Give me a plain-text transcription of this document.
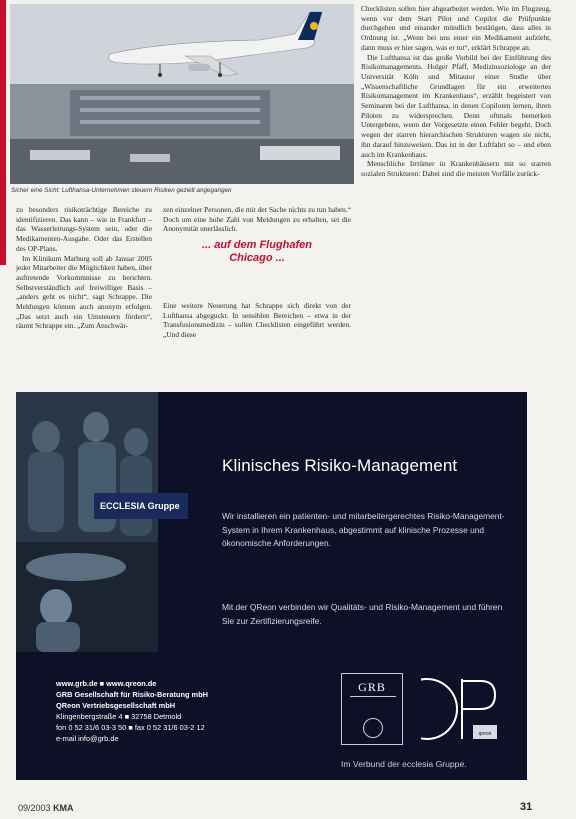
Sicher eine Sicht: Lufthansa-Unternehmen steuern Risiken gezielt angegangen

zu besonders risikoträchtige Bereiche zu identifizieren. Das kann – wie in Frankfurt – das Wasserleitungs-System sein, oder die Medikamenten-Ausgabe. Oder das Erstellen des OP-Plans.

Im Klinikum Marburg soll ab Januar 2005 jeder Mitarbeiter die Möglichkeit haben, über auftretende Vorkommnisse zu berichten. Selbstverständlich auf freiwilliger Basis – „anders geht es nicht“, sagt Schrappe. Die Meldungen können auch anonym erfolgen. „Das setzt auch ein Umsteuern fördern“, räumt Schrappe ein. „Zum Anschwär-

zen einzelner Personen, die mit der Sache nichts zu tun haben.“ Doch um eine hohe Zahl von Meldungen zu erhalten, sei die Anonymität unerlässlich.

... auf dem Flughafen
Chicago ...

Eine weitere Neuerung hat Schrappe sich direkt von der Lufthansa abgeguckt. In sensiblen Bereichen – etwa in der Transfusionsmedizin – sollen Checklisten eingeführt werden. „Und diese

Checklisten sollen hier abgearbeitet werden. Wie im Flugzeug, wenn vor dem Start Pilot und Copilot die Prüfpunkte durchgehen und einander mündlich bestätigen, dass alles in Ordnung ist. „Wenn bei uns einer ein Medikament aufzieht, dann muss er hier sagen, was er tut“, erklärt Schrappe an.

Die Lufthansa ist das große Vorbild bei der Einführung des Risikomanagements. Holger Pfaff, Medizinsoziologe an der Universität Köln und Mitautor einer Studie über „Wissenschaftliche Grundlagen für ein erweitertes Risikomanagement im Krankenhaus“, erzählt begeistert von Seminaren bei der Lufthansa, in denen Copiloten lernen, ihren Piloten zu widersprechen. Denn oftmals bemerken Untergebene, wenn der Vorgesetzte einen Fehler begeht. Doch wegen der starren hierarchischen Strukturen wagen sie nicht, ihn darauf hinzuweisen. Das ist in der Luftfahrt so – und eben auch im Krankenhaus.

Menschliche Irrtümer in Krankenhäusern mit so starren sozialen Strukturen: Dabei sind die meisten Vorfälle zurück-

ECCLESIA Gruppe
Klinisches Risiko-Management
Wir installieren ein patienten- und mitarbeitergerechtes Risiko-Management-System in Ihrem Krankenhaus, abgestimmt auf klinische Prozesse und ökonomische Anforderungen.
Mit der QReon verbinden wir Qualitäts- und Risiko-Management und führen Sie zur Zertifizierungsreife.
www.grb.de ■ www.qreon.de
GRB Gesellschaft für Risiko-Beratung mbH
QReon Vertriebsgesellschaft mbH
Klingenbergstraße 4 ■ 32758 Detmold
fon 0 52 31/6 03-3 50 ■ fax 0 52 31/6 03-2 12
e-mail info@grb.de
GRB
qreon
Im Verbund der ecclesia Gruppe.
09/2003 KMA	31
